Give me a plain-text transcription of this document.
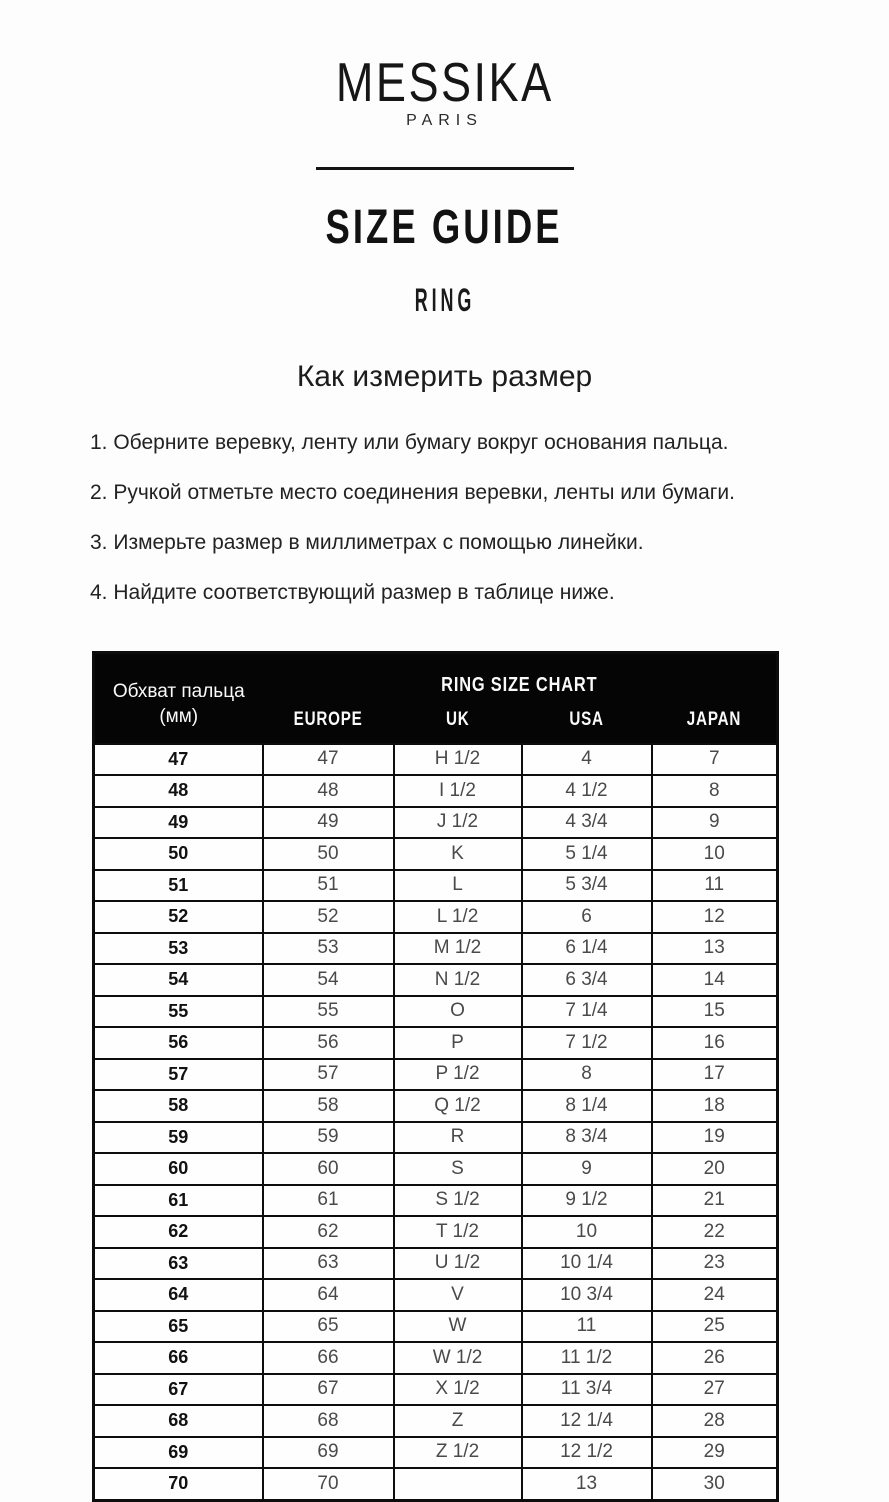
MESSIKA
PARIS
SIZE GUIDE
RING
Как измерить размер

1. Оберните веревку, ленту или бумагу вокруг основания пальца.

2. Ручкой отметьте место соединения веревки, ленты или бумаги.

3. Измерьте размер в миллиметрах с помощью линейки.

4. Найдите соответствующий размер в таблице ниже.

Обхват пальца
(мм)	RING SIZE CHART			
	EUROPE	UK	USA	JAPAN
47	47	H 1/2	4	7
48	48	I 1/2	4 1/2	8
49	49	J 1/2	4 3/4	9
50	50	K	5 1/4	10
51	51	L	5 3/4	11
52	52	L 1/2	6	12
53	53	M 1/2	6 1/4	13
54	54	N 1/2	6 3/4	14
55	55	O	7 1/4	15
56	56	P	7 1/2	16
57	57	P 1/2	8	17
58	58	Q 1/2	8 1/4	18
59	59	R	8 3/4	19
60	60	S	9	20
61	61	S 1/2	9 1/2	21
62	62	T 1/2	10	22
63	63	U 1/2	10 1/4	23
64	64	V	10 3/4	24
65	65	W	11	25
66	66	W 1/2	11 1/2	26
67	67	X 1/2	11 3/4	27
68	68	Z	12 1/4	28
69	69	Z 1/2	12 1/2	29
70	70		13	30
